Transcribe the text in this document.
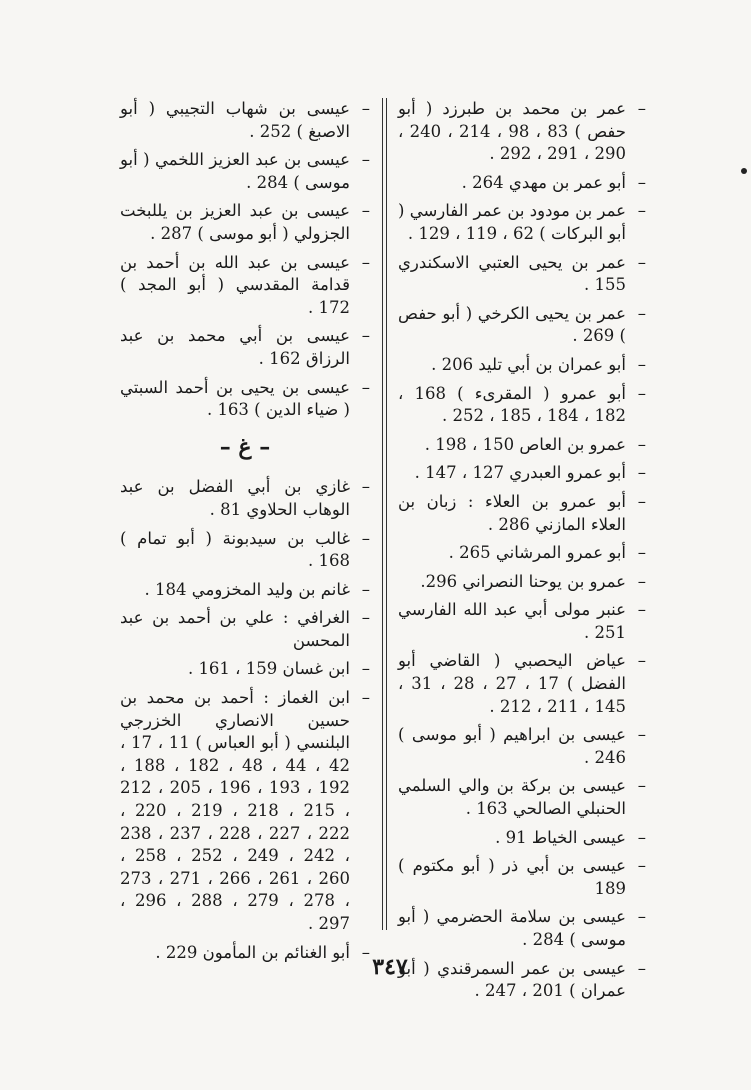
– عمر بن محمد بن طبرزد ( أبو حفص ) 83 ، 98 ، 214 ، 240 ، 290 ، 291 ، 292 .
– أبو عمر بن مهدي 264 .
– عمر بن مودود بن عمر الفارسي ( أبو البركات ) 62 ، 119 ، 129 .
– عمر بن يحيى العتبي الاسكندري 155 .
– عمر بن يحيى الكرخي ( أبو حفص ) 269 .
– أبو عمران بن أبي تليد 206 .
– أبو عمرو ( المقرىء ) 168 ، 182 ، 184 ، 185 ، 252 .
– عمرو بن العاص 150 ، 198 .
– أبو عمرو العبدري 127 ، 147 .
– أبو عمرو بن العلاء : زبان بن العلاء المازني 286 .
– أبو عمرو المرشاني 265 .
– عمرو بن يوحنا النصراني 296.
– عنبر مولى أبي عبد الله الفارسي 251 .
– عياض اليحصبي ( القاضي أبو الفضل ) 17 ، 27 ، 28 ، 31 ، 145 ، 211 ، 212 .
– عيسى بن ابراهيم ( أبو موسى ) 246 .
– عيسى بن بركة بن والي السلمي الحنبلي الصالحي 163 .
– عيسى الخياط 91 .
– عيسى بن أبي ذر ( أبو مكتوم ) 189
– عيسى بن سلامة الحضرمي ( أبو موسى ) 284 .
– عيسى بن عمر السمرقندي ( أبو عمران ) 201 ، 247 .
– عيسى بن شهاب التجيبي ( أبو الاصبغ ) 252 .
– عيسى بن عبد العزيز اللخمي ( أبو موسى ) 284 .
– عيسى بن عبد العزيز بن يللبخت الجزولي ( أبو موسى ) 287 .
– عيسى بن عبد الله بن أحمد بن قدامة المقدسي ( أبو المجد ) 172 .
– عيسى بن أبي محمد بن عبد الرزاق 162 .
– عيسى بن يحيى بن أحمد السبتي ( ضياء الدين ) 163 .
– غ –
– غازي بن أبي الفضل بن عبد الوهاب الحلاوي 81 .
– غالب بن سيدبونة ( أبو تمام ) 168 .
– غانم بن وليد المخزومي 184 .
– الغرافي : علي بن أحمد بن عبد المحسن
– ابن غسان 159 ، 161 .
– ابن الغماز : أحمد بن محمد بن حسين الانصاري الخزرجي البلنسي ( أبو العباس ) 11 ، 17 ، 42 ، 44 ، 48 ، 182 ، 188 ، 192 ، 193 ، 196 ، 205 ، 212 ، 215 ، 218 ، 219 ، 220 ، 222 ، 227 ، 228 ، 237 ، 238 ، 242 ، 249 ، 252 ، 258 ، 260 ، 261 ، 266 ، 271 ، 273 ، 278 ، 279 ، 288 ، 296 ، 297 .
– أبو الغنائم بن المأمون 229 .
٣٤٧
